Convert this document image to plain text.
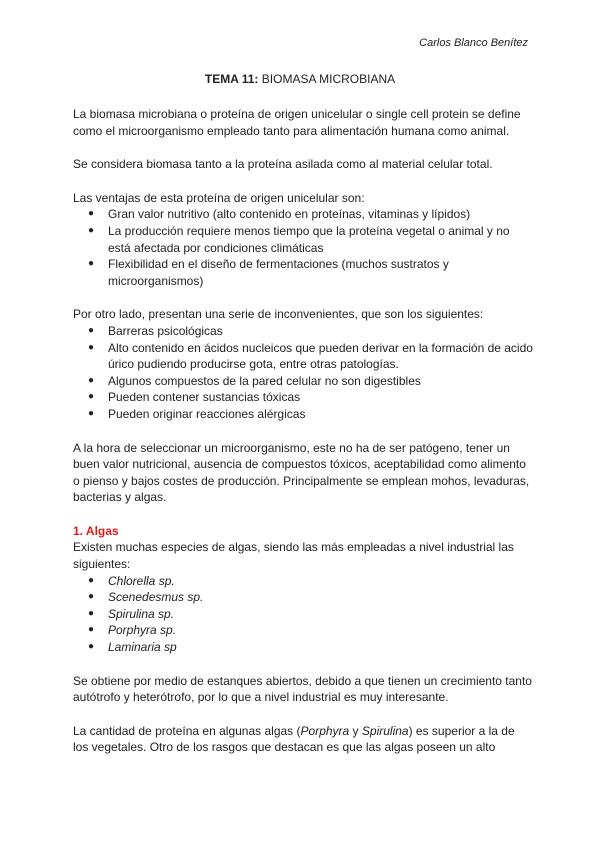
Carlos Blanco Benítez
TEMA 11: BIOMASA MICROBIANA

La biomasa microbiana o proteína de origen unicelular o single cell protein se define como el microorganismo empleado tanto para alimentación humana como animal.

Se considera biomasa tanto a la proteína asilada como al material celular total.

Las ventajas de esta proteína de origen unicelular son:

● Gran valor nutritivo (alto contenido en proteínas, vitaminas y lípidos)
● La producción requiere menos tiempo que la proteína vegetal o animal y no está afectada por condiciones climáticas
● Flexibilidad en el diseño de fermentaciones (muchos sustratos y microorganismos)

Por otro lado, presentan una serie de inconvenientes, que son los siguientes:

● Barreras psicológicas
● Alto contenido en ácidos nucleicos que pueden derivar en la formación de acido úrico pudiendo producirse gota, entre otras patologías.
● Algunos compuestos de la pared celular no son digestibles
● Pueden contener sustancias tóxicas
● Pueden originar reacciones alérgicas

A la hora de seleccionar un microorganismo, este no ha de ser patógeno, tener un buen valor nutricional, ausencia de compuestos tóxicos, aceptabilidad como alimento o pienso y bajos costes de producción. Principalmente se emplean mohos, levaduras, bacterias y algas.

1. Algas

Existen muchas especies de algas, siendo las más empleadas a nivel industrial las siguientes:

● Chlorella sp.
● Scenedesmus sp.
● Spirulina sp.
● Porphyra sp.
● Laminaria sp

Se obtiene por medio de estanques abiertos, debido a que tienen un crecimiento tanto autótrofo y heterótrofo, por lo que a nivel industrial es muy interesante.

La cantidad de proteína en algunas algas (Porphyra y Spirulina) es superior a la de los vegetales. Otro de los rasgos que destacan es que las algas poseen un alto
